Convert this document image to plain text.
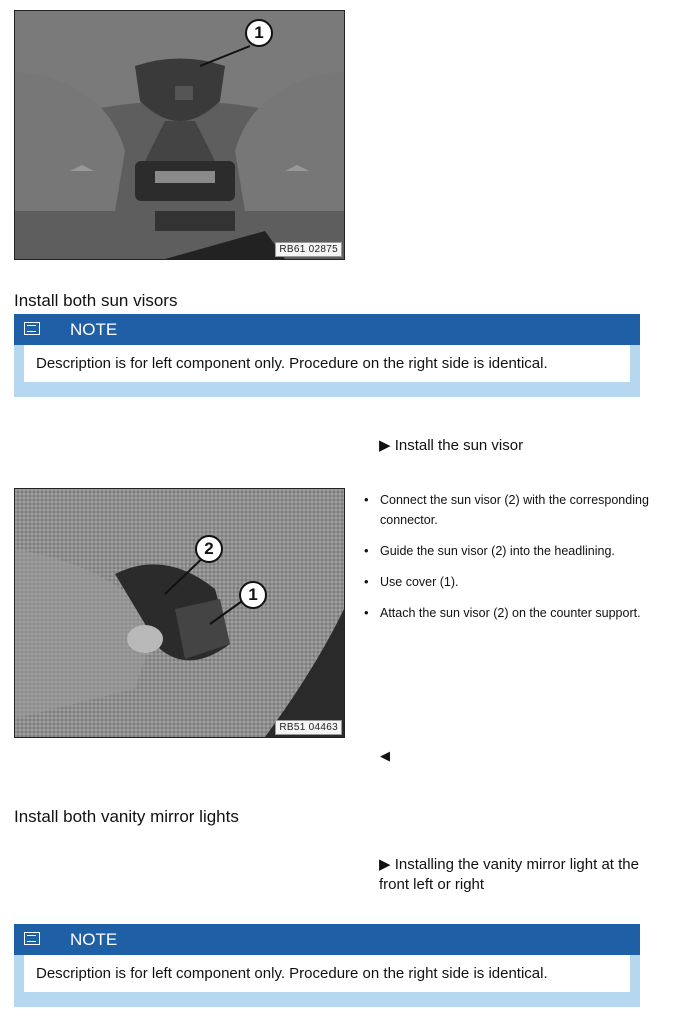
1
RB61 02875
Install both sun visors
NOTE
Description is for left component only. Procedure on the right side is identical.
▶ Install the sun visor
2
1
RB51 04463
• Connect the sun visor (2) with the corresponding connector.
• Guide the sun visor (2) into the headlining.
• Use cover (1).
• Attach the sun visor (2) on the counter support.
◀
Install both vanity mirror lights
▶ Installing the vanity mirror light at the front left or right
NOTE
Description is for left component only. Procedure on the right side is identical.
